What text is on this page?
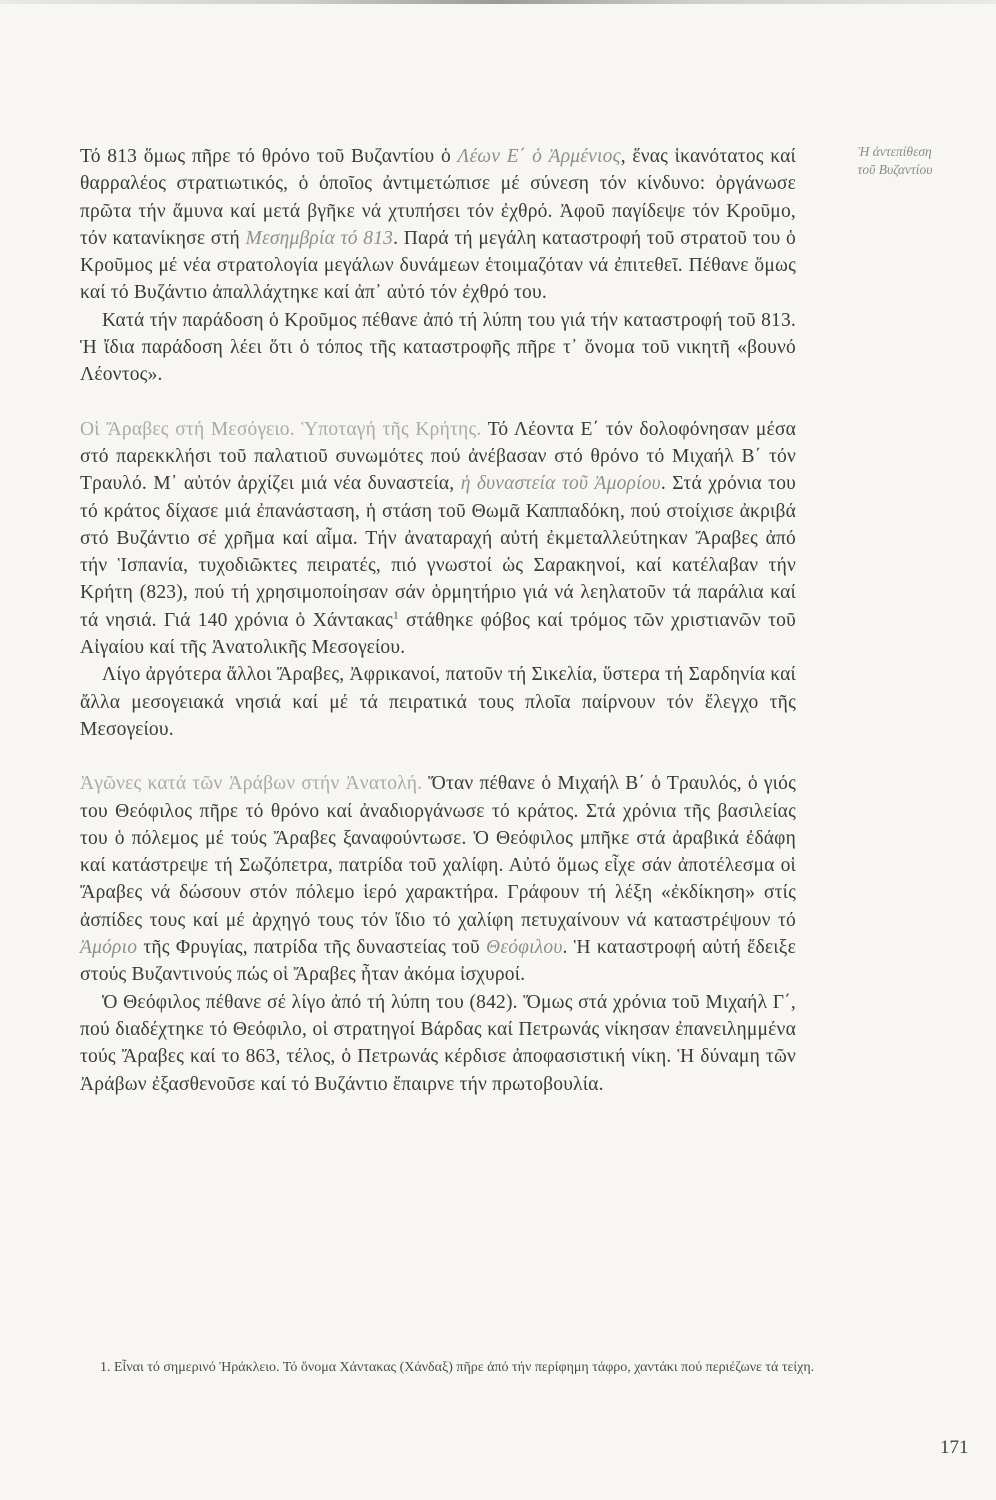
Ἡ ἀντεπίθεση
τοῦ Βυζαντίου

Τό 813 ὅμως πῆρε τό θρόνο τοῦ Βυζαντίου ὁ Λέων Ε΄ ὁ Ἀρμένιος, ἕνας ἱκανότατος καί θαρραλέος στρατιωτικός, ὁ ὁποῖος ἀντιμετώπισε μέ σύνεση τόν κίνδυνο: ὀργάνωσε πρῶτα τήν ἄμυνα καί μετά βγῆκε νά χτυπήσει τόν ἐχθρό. Ἀφοῦ παγίδεψε τόν Κροῦμο, τόν κατανίκησε στή Μεσημβρία τό 813. Παρά τή μεγάλη καταστροφή τοῦ στρατοῦ του ὁ Κροῦμος μέ νέα στρατολογία μεγάλων δυνάμεων ἑτοιμαζόταν νά ἐπιτεθεῖ. Πέθανε ὅμως καί τό Βυζάντιο ἀπαλλάχτηκε καί ἀπ᾽ αὐτό τόν ἐχθρό του.

Κατά τήν παράδοση ὁ Κροῦμος πέθανε ἀπό τή λύπη του γιά τήν καταστροφή τοῦ 813. Ἡ ἴδια παράδοση λέει ὅτι ὁ τόπος τῆς καταστροφῆς πῆρε τ᾽ ὄνομα τοῦ νικητῆ «βουνό Λέοντος».

Οἱ Ἄραβες στή Μεσόγειο. Ὑποταγή τῆς Κρήτης. Τό Λέοντα Ε΄ τόν δολοφόνησαν μέσα στό παρεκκλήσι τοῦ παλατιοῦ συνωμότες πού ἀνέβασαν στό θρόνο τό Μιχαήλ Β΄ τόν Τραυλό. Μ᾽ αὐτόν ἀρχίζει μιά νέα δυναστεία, ἡ δυναστεία τοῦ Ἀμορίου. Στά χρόνια του τό κράτος δίχασε μιά ἐπανάσταση, ἡ στάση τοῦ Θωμᾶ Καππαδόκη, πού στοίχισε ἀκριβά στό Βυζάντιο σέ χρῆμα καί αἷμα. Τήν ἀναταραχή αὐτή ἐκμεταλλεύτηκαν Ἄραβες ἀπό τήν Ἱσπανία, τυχοδιῶκτες πειρατές, πιό γνωστοί ὡς Σαρακηνοί, καί κατέλαβαν τήν Κρήτη (823), πού τή χρησιμοποίησαν σάν ὁρμητήριο γιά νά λεηλατοῦν τά παράλια καί τά νησιά. Γιά 140 χρόνια ὁ Χάντακας$^1$ στάθηκε φόβος καί τρόμος τῶν χριστιανῶν τοῦ Αἰγαίου καί τῆς Ἀνατολικῆς Μεσογείου.

Λίγο ἀργότερα ἄλλοι Ἄραβες, Ἀφρικανοί, πατοῦν τή Σικελία, ὕστερα τή Σαρδηνία καί ἄλλα μεσογειακά νησιά καί μέ τά πειρατικά τους πλοῖα παίρνουν τόν ἔλεγχο τῆς Μεσογείου.

Ἀγῶνες κατά τῶν Ἀράβων στήν Ἀνατολή. Ὅταν πέθανε ὁ Μιχαήλ Β΄ ὁ Τραυλός, ὁ γιός του Θεόφιλος πῆρε τό θρόνο καί ἀναδιοργάνωσε τό κράτος. Στά χρόνια τῆς βασιλείας του ὁ πόλεμος μέ τούς Ἄραβες ξαναφούντωσε. Ὁ Θεόφιλος μπῆκε στά ἀραβικά ἐδάφη καί κατάστρεψε τή Σωζόπετρα, πατρίδα τοῦ χαλίφη. Αὐτό ὅμως εἶχε σάν ἀποτέλεσμα οἱ Ἄραβες νά δώσουν στόν πόλεμο ἱερό χαρακτήρα. Γράφουν τή λέξη «ἐκδίκηση» στίς ἀσπίδες τους καί μέ ἀρχηγό τους τόν ἴδιο τό χαλίφη πετυχαίνουν νά καταστρέψουν τό Ἀμόριο τῆς Φρυγίας, πατρίδα τῆς δυναστείας τοῦ Θεόφιλου. Ἡ καταστροφή αὐτή ἔδειξε στούς Βυζαντινούς πώς οἱ Ἄραβες ἦταν ἀκόμα ἰσχυροί.

Ὁ Θεόφιλος πέθανε σέ λίγο ἀπό τή λύπη του (842). Ὅμως στά χρόνια τοῦ Μιχαήλ Γ΄, πού διαδέχτηκε τό Θεόφιλο, οἱ στρατηγοί Βάρδας καί Πετρωνάς νίκησαν ἐπανειλημμένα τούς Ἄραβες καί το 863, τέλος, ὁ Πετρωνάς κέρδισε ἀποφασιστική νίκη. Ἡ δύναμη τῶν Ἀράβων ἐξασθενοῦσε καί τό Βυζάντιο ἔπαιρνε τήν πρωτοβουλία.

1. Εἶναι τό σημερινό Ἡράκλειο. Τό ὄνομα Χάντακας (Χάνδαξ) πῆρε ἀπό τήν περίφημη τάφρο, χαντάκι πού περιέζωνε τά τείχη.
171
